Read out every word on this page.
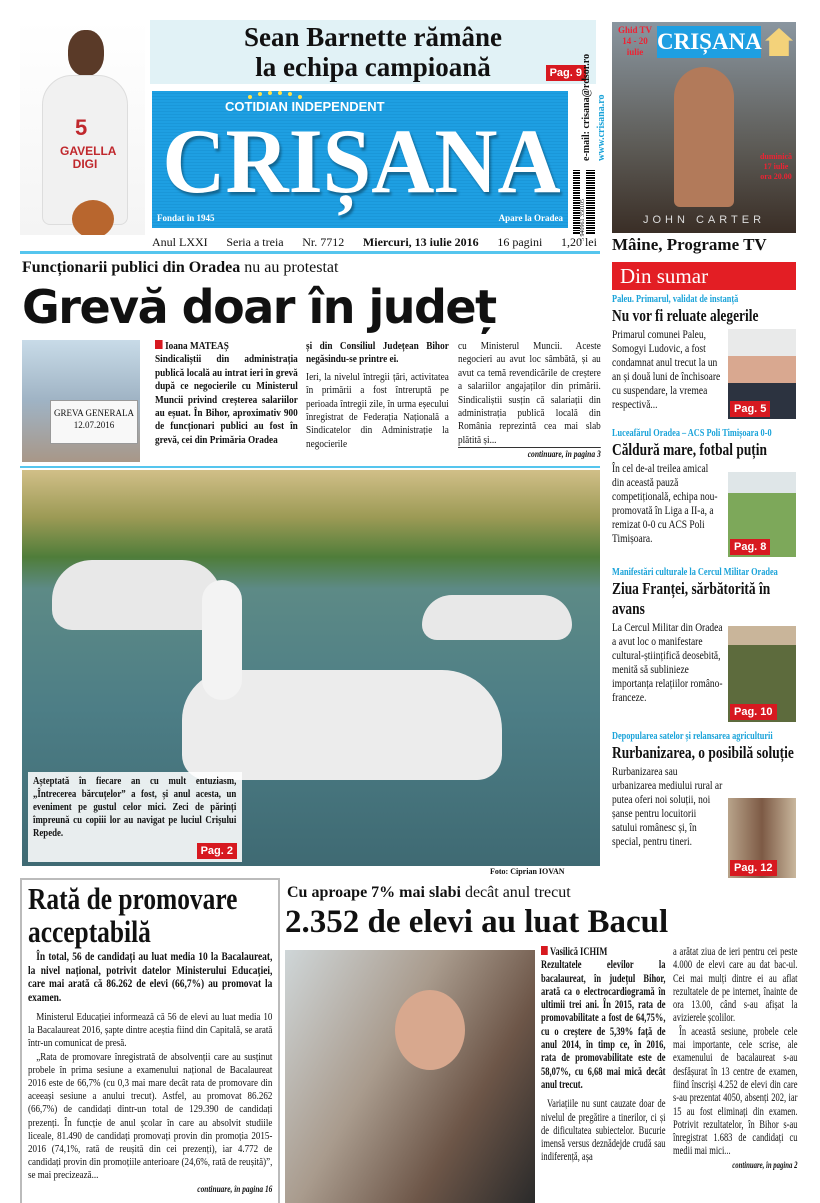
5
GAVELLA DIGI
Sean Barnette rămâne
la echipa campioană	Pag. 9
COTIDIAN INDEPENDENT
CRIȘANA
Fondat în 1945	Apare la Oradea
e-mail: crisana@rdsor.ro www.crisana.ro
5 940961 350105
Anul LXXI Seria a treia Nr. 7712 Miercuri, 13 iulie 2016 16 pagini 1,20 lei
Ghid TV 14 - 20 iulie CRIȘANA
duminică 17 iulie ora 20.00
JOHN CARTER
Mâine, Programe TV
Funcționarii publici din Oradea nu au protestat
Grevă doar în județ
GREVA GENERALA
12.07.2016
Ioana MATEAȘ
Sindicaliștii din administrația publică locală au intrat ieri în grevă după ce negocierile cu Ministerul Muncii privind creșterea salariilor au eșuat. În Bihor, aproximativ 900 de funcționari publici au fost în grevă, cei din Primăria Oradea
și din Consiliul Județean Bihor negăsindu-se printre ei.
Ieri, la nivelul întregii țări, activitatea în primării a fost întreruptă pe perioada întregii zile, în urma eșecului înregistrat de Federația Națională a Sindicatelor din Administrație la negocierile
cu Ministerul Muncii. Aceste negocieri au avut loc sâmbătă, și au avut ca temă revendicările de creștere a salariilor angajaților din primării. Sindicaliștii susțin că salariații din administrația publică locală din România reprezintă cea mai slab plătită și...
continuare, în pagina 3
Din sumar
Paleu. Primarul, validat de instanță
Nu vor fi reluate alegerile
Primarul comunei Paleu, Somogyi Ludovic, a fost condamnat anul trecut la un an și două luni de închisoare cu suspendare, la vremea respectivă...	Pag. 5
Luceafărul Oradea – ACS Poli Timișoara 0-0
Căldură mare, fotbal puțin
În cel de-al treilea amical din această pauză competițională, echipa nou-promovată în Liga a II-a, a remizat 0-0 cu ACS Poli Timișoara.
Pag. 8
Manifestări culturale la Cercul Militar Oradea
Ziua Franței, sărbătorită în avans
La Cercul Militar din Oradea a avut loc o manifestare cultural-științifică deosebită, menită să sublinieze importanța relațiilor româno-franceze.
Pag. 10
Depopularea satelor și relansarea agriculturii
Rurbanizarea, o posibilă soluție
Rurbanizarea sau urbanizarea mediului rural ar putea oferi noi soluții, noi șanse pentru locuitorii satului românesc și, în special, pentru tineri.
Pag. 12
Așteptată în fiecare an cu mult entuziasm, „Întrecerea bărcuțelor” a fost, și anul acesta, un eveniment pe gustul celor mici. Zeci de părinți împreună cu copiii lor au navigat pe luciul Crișului Repede.
Pag. 2
Foto: Ciprian IOVAN
Rată de promovare acceptabilă
În total, 56 de candidați au luat media 10 la Bacalaureat, la nivel național, potrivit datelor Ministerului Educației, care mai arată că 86.262 de elevi (66,7%) au promovat la examen.
Ministerul Educației informează că 56 de elevi au luat media 10 la Bacalaureat 2016, șapte dintre aceștia fiind din Capitală, se arată într-un comunicat de presă.
„Rata de promovare înregistrată de absolvenții care au susținut probele în prima sesiune a examenului național de Bacalaureat 2016 este de 66,7% (cu 0,3 mai mare decât rata de promovare din aceeași sesiune a anului trecut). Astfel, au promovat 86.262 (66,7%) de candidați dintr-un total de 129.390 de candidați prezenți. În funcție de anul școlar în care au absolvit studiile liceale, 81.490 de candidați promovați provin din promoția 2015-2016 (74,1%, rată de reușită din cei prezenți), iar 4.772 de candidați provin din promoțiile anterioare (24,6%, rată de reușită)”, se mai precizează...
continuare, în pagina 16
Cu aproape 7% mai slabi decât anul trecut
2.352 de elevi au luat Bacul
Vasilică ICHIM
Rezultatele elevilor la bacalaureat, în județul Bihor, arată ca o electrocardiogramă în ultimii trei ani. În 2015, rata de promovabilitate a fost de 64,75%, cu o creștere de 5,39% față de anul 2014, în timp ce, în 2016, rata de promovabilitate este de 58,07%, cu 6,68 mai mică decât anul trecut.
Variațiile nu sunt cauzate doar de nivelul de pregătire a tinerilor, ci și de dificultatea subiectelor. Bucurie imensă versus deznădejde crudă sau indiferență, așa
a arătat ziua de ieri pentru cei peste 4.000 de elevi care au dat bac-ul. Cei mai mulți dintre ei au aflat rezultatele de pe internet, înainte de ora 13.00, când s-au afișat la avizierele școlilor.
În această sesiune, probele cele mai importante, cele scrise, ale examenului de bacalaureat s-au desfășurat în 13 centre de examen, fiind înscriși 4.252 de elevi din care s-au prezentat 4050, absenți 202, iar 15 au fost eliminați din examen. Potrivit rezultatelor, în Bihor s-au înregistrat 1.683 de candidați cu medii mai mici...
continuare, în pagina 2
